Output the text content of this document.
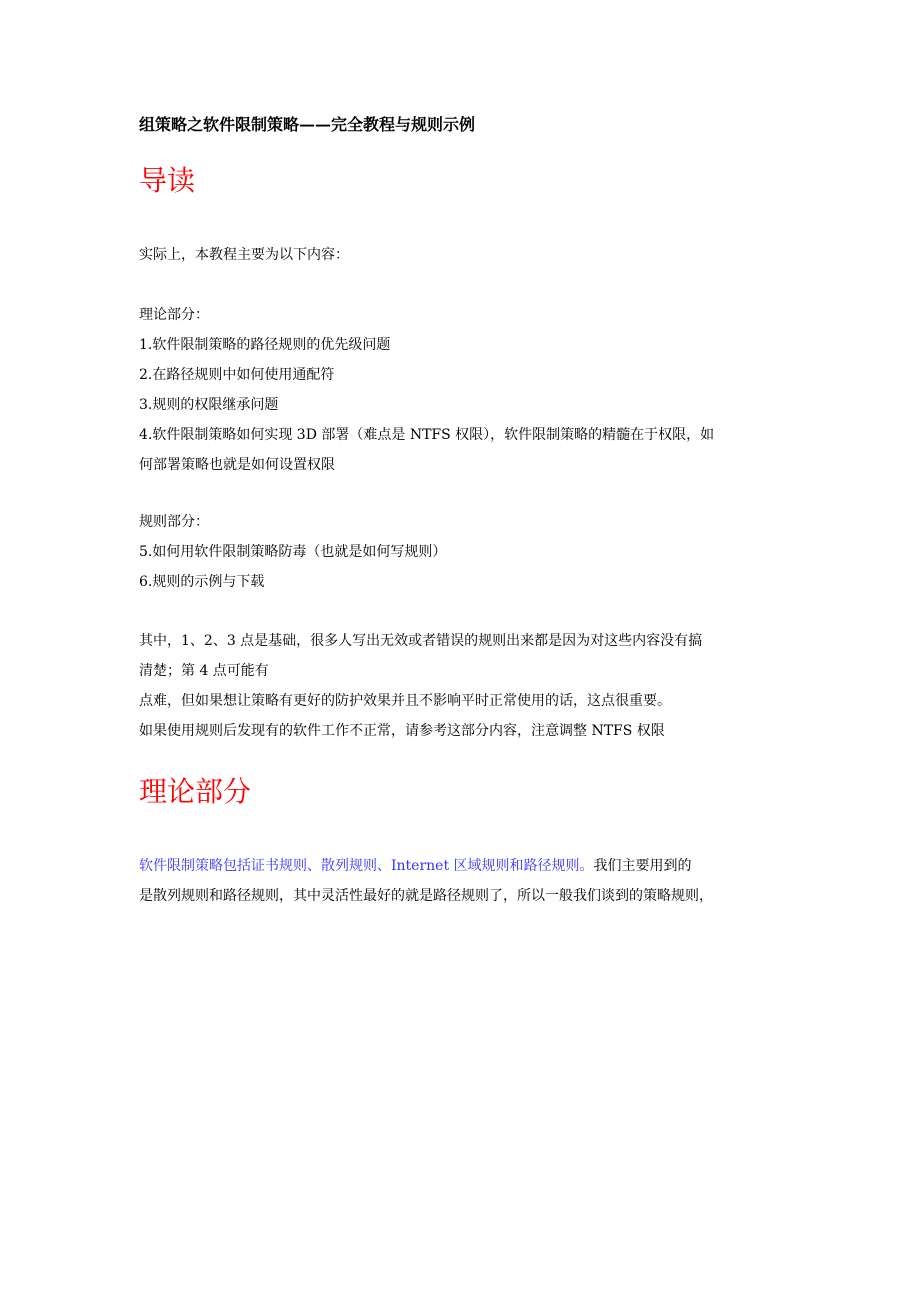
组策略之软件限制策略——完全教程与规则示例
导读
实际上，本教程主要为以下内容：
理论部分：
1.软件限制策略的路径规则的优先级问题
2.在路径规则中如何使用通配符
3.规则的权限继承问题
4.软件限制策略如何实现 3D 部署（难点是 NTFS 权限），软件限制策略的精髓在于权限，如
何部署策略也就是如何设置权限
规则部分：
5.如何用软件限制策略防毒（也就是如何写规则）
6.规则的示例与下载
其中，1、2、3 点是基础，很多人写出无效或者错误的规则出来都是因为对这些内容没有搞
清楚；第 4 点可能有
点难，但如果想让策略有更好的防护效果并且不影响平时正常使用的话，这点很重要。
如果使用规则后发现有的软件工作不正常，请参考这部分内容，注意调整 NTFS 权限
理论部分
软件限制策略包括证书规则、散列规则、Internet 区域规则和路径规则。我们主要用到的
是散列规则和路径规则，其中灵活性最好的就是路径规则了，所以一般我们谈到的策略规则，
